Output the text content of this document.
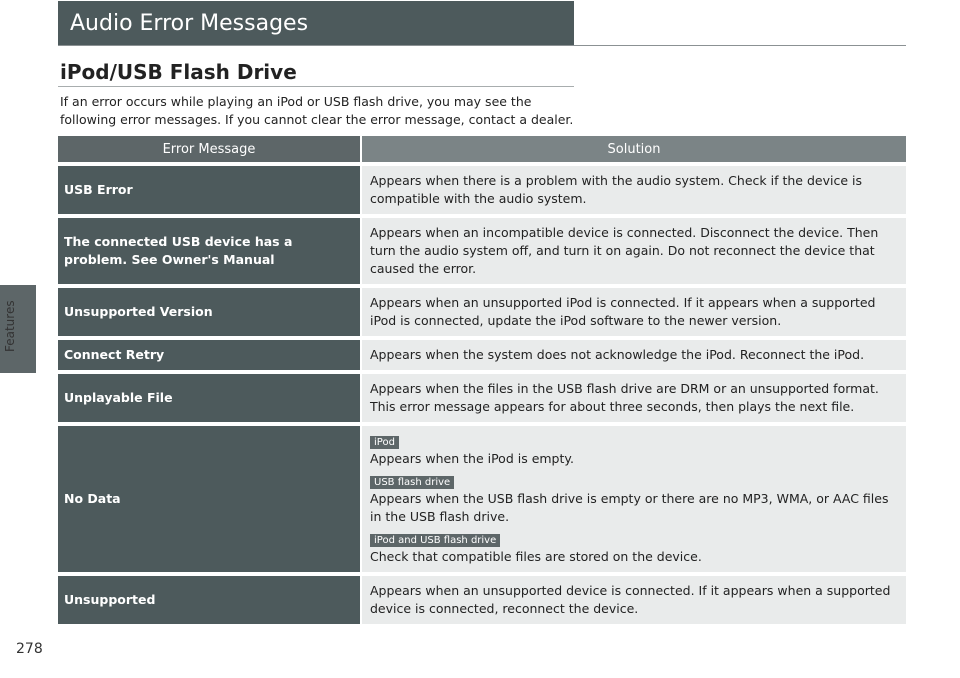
Features
278
Audio Error Messages
iPod/USB Flash Drive
If an error occurs while playing an iPod or USB flash drive, you may see the following error messages. If you cannot clear the error message, contact a dealer.
Error Message	Solution
USB Error
Appears when there is a problem with the audio system. Check if the device is compatible with the audio system.
The connected USB device has a problem. See Owner's Manual
Appears when an incompatible device is connected. Disconnect the device. Then turn the audio system off, and turn it on again. Do not reconnect the device that caused the error.
Unsupported Version
Appears when an unsupported iPod is connected. If it appears when a supported iPod is connected, update the iPod software to the newer version.
Connect Retry	Appears when the system does not acknowledge the iPod. Reconnect the iPod.
Unplayable File
Appears when the files in the USB flash drive are DRM or an unsupported format. This error message appears for about three seconds, then plays the next file.
No Data
iPod
Appears when the iPod is empty.
USB flash drive
Appears when the USB flash drive is empty or there are no MP3, WMA, or AAC files in the USB flash drive.
iPod and USB flash drive
Check that compatible files are stored on the device.
Unsupported
Appears when an unsupported device is connected. If it appears when a supported device is connected, reconnect the device.
